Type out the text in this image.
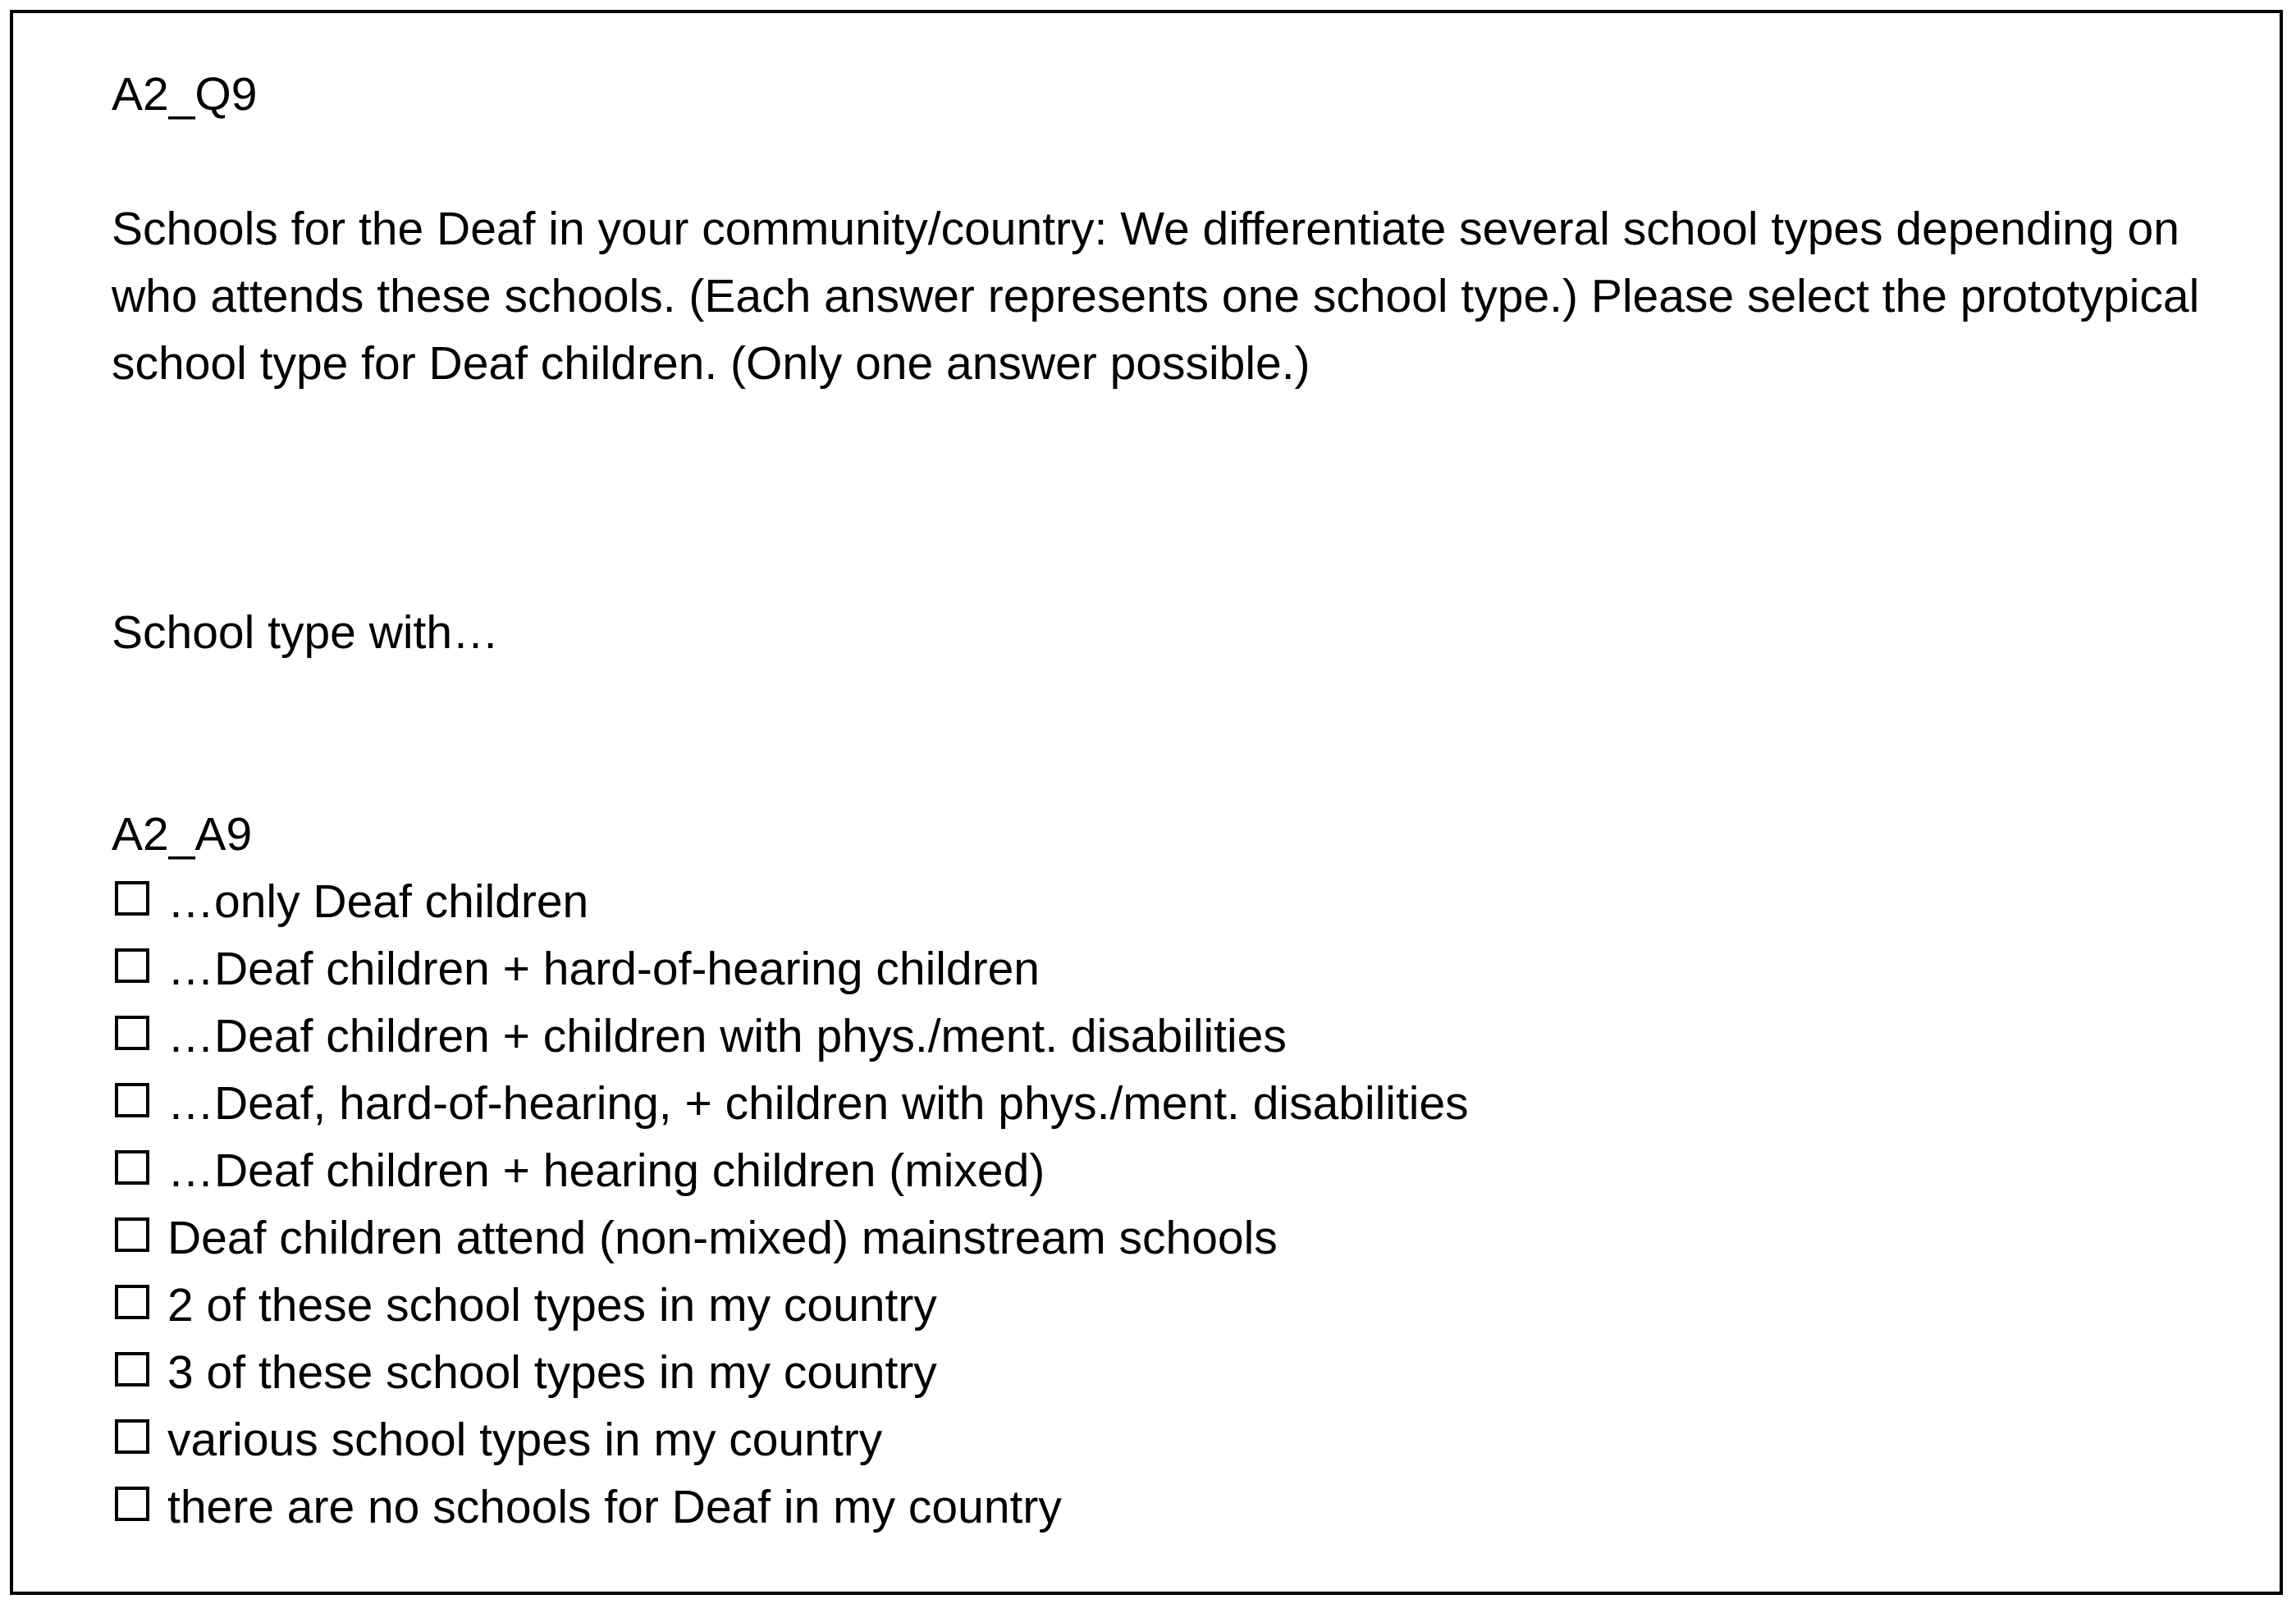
A2_Q9

Schools for the Deaf in your community/country: We differentiate several school types depending on who attends these schools. (Each answer represents one school type.) Please select the prototypical school type for Deaf children. (Only one answer possible.)

School type with…

A2_A9

…only Deaf children
…Deaf children + hard-of-hearing children
…Deaf children + children with phys./ment. disabilities
…Deaf, hard-of-hearing, + children with phys./ment. disabilities
…Deaf children + hearing children (mixed)
Deaf children attend (non-mixed) mainstream schools
2 of these school types in my country
3 of these school types in my country
various school types in my country
there are no schools for Deaf in my country
